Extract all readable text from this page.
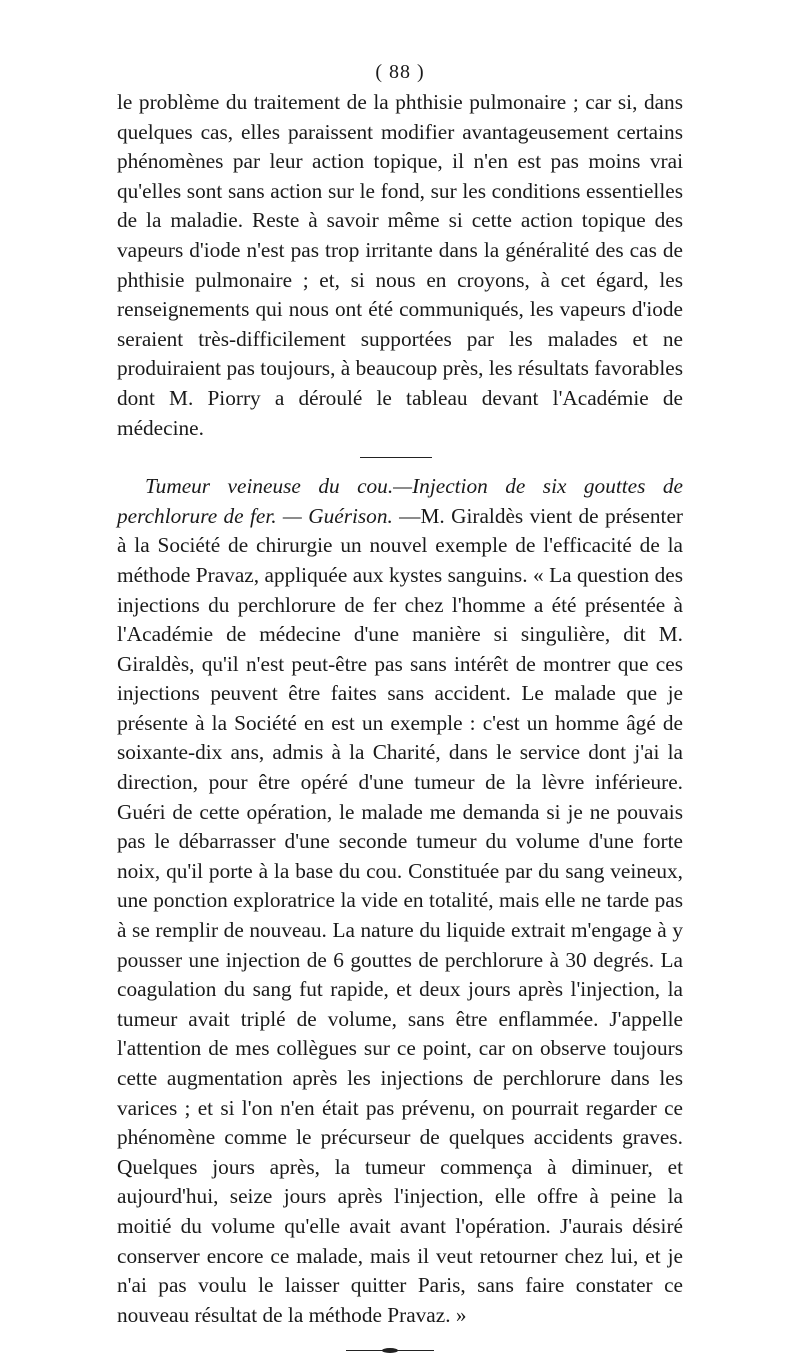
( 88 )

le problème du traitement de la phthisie pulmonaire ; car si, dans quelques cas, elles paraissent modifier avantageusement certains phénomènes par leur action topique, il n'en est pas moins vrai qu'elles sont sans action sur le fond, sur les conditions essentielles de la maladie. Reste à savoir même si cette action topique des vapeurs d'iode n'est pas trop irritante dans la généralité des cas de phthisie pulmonaire ; et, si nous en croyons, à cet égard, les renseignements qui nous ont été communiqués, les vapeurs d'iode seraient très-difficilement supportées par les malades et ne produiraient pas toujours, à beaucoup près, les résultats favorables dont M. Piorry a déroulé le tableau devant l'Académie de médecine.

Tumeur veineuse du cou.—Injection de six gouttes de perchlorure de fer. — Guérison. —M. Giraldès vient de présenter à la Société de chirurgie un nouvel exemple de l'efficacité de la méthode Pravaz, appliquée aux kystes sanguins. « La question des injections du perchlorure de fer chez l'homme a été présentée à l'Académie de médecine d'une manière si singulière, dit M. Giraldès, qu'il n'est peut-être pas sans intérêt de montrer que ces injections peuvent être faites sans accident. Le malade que je présente à la Société en est un exemple : c'est un homme âgé de soixante-dix ans, admis à la Charité, dans le service dont j'ai la direction, pour être opéré d'une tumeur de la lèvre inférieure. Guéri de cette opération, le malade me demanda si je ne pouvais pas le débarrasser d'une seconde tumeur du volume d'une forte noix, qu'il porte à la base du cou. Constituée par du sang veineux, une ponction exploratrice la vide en totalité, mais elle ne tarde pas à se remplir de nouveau. La nature du liquide extrait m'engage à y pousser une injection de 6 gouttes de perchlorure à 30 degrés. La coagulation du sang fut rapide, et deux jours après l'injection, la tumeur avait triplé de volume, sans être enflammée. J'appelle l'attention de mes collègues sur ce point, car on observe toujours cette augmentation après les injections de perchlorure dans les varices ; et si l'on n'en était pas prévenu, on pourrait regarder ce phénomène comme le précurseur de quelques accidents graves. Quelques jours après, la tumeur commença à diminuer, et aujourd'hui, seize jours après l'injection, elle offre à peine la moitié du volume qu'elle avait avant l'opération. J'aurais désiré conserver encore ce malade, mais il veut retourner chez lui, et je n'ai pas voulu le laisser quitter Paris, sans faire constater ce nouveau résultat de la méthode Pravaz. »
